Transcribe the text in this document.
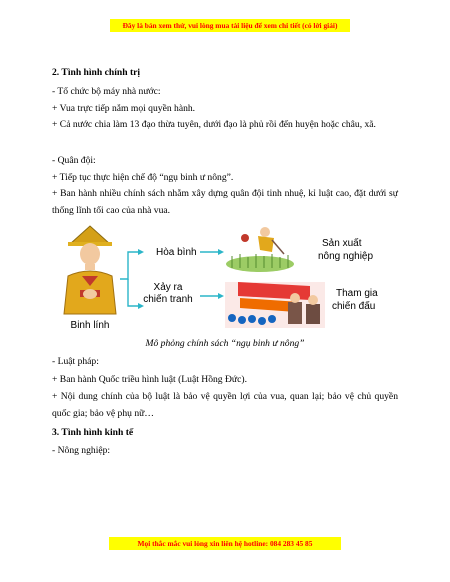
Đây là bản xem thử, vui lòng mua tài liệu để xem chi tiết (có lời giải)
2. Tình hình chính trị
- Tổ chức bộ máy nhà nước:
+ Vua trực tiếp nắm mọi quyền hành.
+ Cả nước chia làm 13 đạo thừa tuyên, dưới đạo là phủ rồi đến huyện hoặc châu, xã.
- Quân đội:
+ Tiếp tục thực hiện chế độ “ngụ binh ư nông”.
+ Ban hành nhiều chính sách nhằm xây dựng quân đội tinh nhuệ, kỉ luật cao, đặt dưới sự thống lĩnh tối cao của nhà vua.
Binh lính
Hòa bình
Xảy ra
chiến tranh
Sản xuất
nông nghiệp
Tham gia
chiến đấu
Mô phỏng chính sách “ngụ binh ư nông”
- Luật pháp:
+ Ban hành Quốc triều hình luật (Luật Hồng Đức).
+ Nội dung chính của bộ luật là bảo vệ quyền lợi của vua, quan lại; bảo vệ chủ quyền quốc gia; bảo vệ phụ nữ…
3. Tình hình kinh tế
- Nông nghiệp:
Mọi thắc mắc vui lòng xin liên hệ hotline: 084 283 45 85
